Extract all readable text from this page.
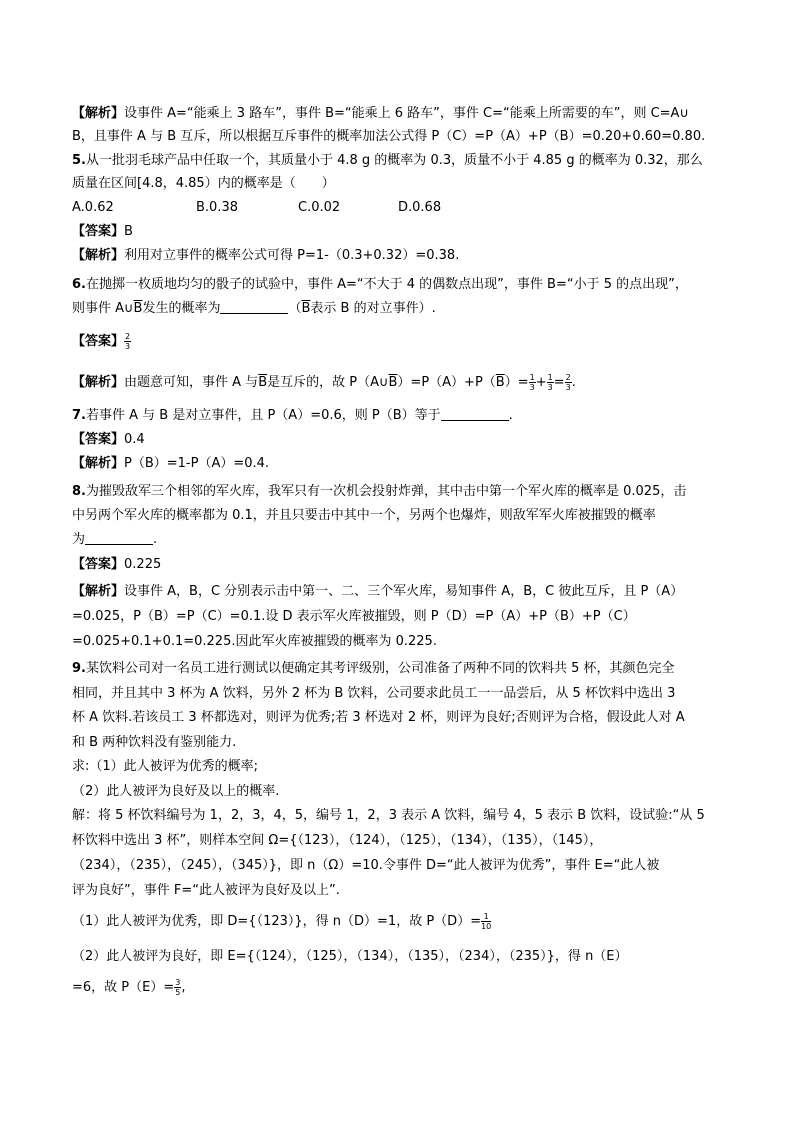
【解析】设事件 A=“能乘上 3 路车”，事件 B=“能乘上 6 路车”，事件 C=“能乘上所需要的车”，则 C=A∪
B，且事件 A 与 B 互斥，所以根据互斥事件的概率加法公式得 P（C）=P（A）+P（B）=0.20+0.60=0.80.
5.从一批羽毛球产品中任取一个，其质量小于 4.8 g 的概率为 0.3，质量不小于 4.85 g 的概率为 0.32，那么
质量在区间[4.8，4.85）内的概率是（　　）
A.0.62	B.0.38	C.0.02	D.0.68
【答案】B
【解析】利用对立事件的概率公式可得 P=1-（0.3+0.32）=0.38.
6.在抛掷一枚质地均匀的骰子的试验中，事件 A=“不大于 4 的偶数点出现”，事件 B=“小于 5 的点出现”，
则事件 $A\cup\overline{B}$发生的概率为	（$\overline{B}$表示 B 的对立事件）.
【答案】 $\frac{2}{3}$
【解析】由题意可知，事件 A 与$\overline{B}$是互斥的，故 $P(A\cup\overline{B})=P(A)+P(\overline{B})= \frac{1}{3} + \frac{1}{3} = \frac{2}{3}$ .
7.若事件 A 与 B 是对立事件，且 P（A）=0.6，则 P（B）等于	.
【答案】0.4
【解析】P（B）=1-P（A）=0.4.
8.为摧毁敌军三个相邻的军火库，我军只有一次机会投射炸弹，其中击中第一个军火库的概率是 0.025，击
中另两个军火库的概率都为 0.1，并且只要击中其中一个，另两个也爆炸，则敌军军火库被摧毁的概率
为	.
【答案】0.225
【解析】设事件 A，B，C 分别表示击中第一、二、三个军火库，易知事件 A，B，C 彼此互斥，且 P（A）
=0.025，P（B）=P（C）=0.1.设 D 表示军火库被摧毁，则 P（D）=P（A）+P（B）+P（C）
=0.025+0.1+0.1=0.225.因此军火库被摧毁的概率为 0.225.
9.某饮料公司对一名员工进行测试以便确定其考评级别，公司准备了两种不同的饮料共 5 杯，其颜色完全
相同，并且其中 3 杯为 A 饮料，另外 2 杯为 B 饮料，公司要求此员工一一品尝后，从 5 杯饮料中选出 3
杯 A 饮料.若该员工 3 杯都选对，则评为优秀;若 3 杯选对 2 杯，则评为良好;否则评为合格，假设此人对 A
和 B 两种饮料没有鉴别能力.
求:（1）此人被评为优秀的概率;
（2）此人被评为良好及以上的概率.
解：将 5 杯饮料编号为 1，2，3，4，5，编号 1，2，3 表示 A 饮料，编号 4，5 表示 B 饮料，设试验:“从 5
杯饮料中选出 3 杯”，则样本空间 Ω={（123），（124），（125），（134），（135），（145），
（234），（235），（245），（345）}，即 n（Ω）=10.令事件 D=“此人被评为优秀”，事件 E=“此人被
评为良好”，事件 F=“此人被评为良好及以上”.
（1）此人被评为优秀，即 D={（123）}，得 n（D）=1，故 $P(D)= \frac{1}{10}$
（2）此人被评为良好，即 E={（124），（125），（134），（135），（234），（235）}，得 n（E）
=6，故 $P(E)= \frac{3}{5}$ ,
